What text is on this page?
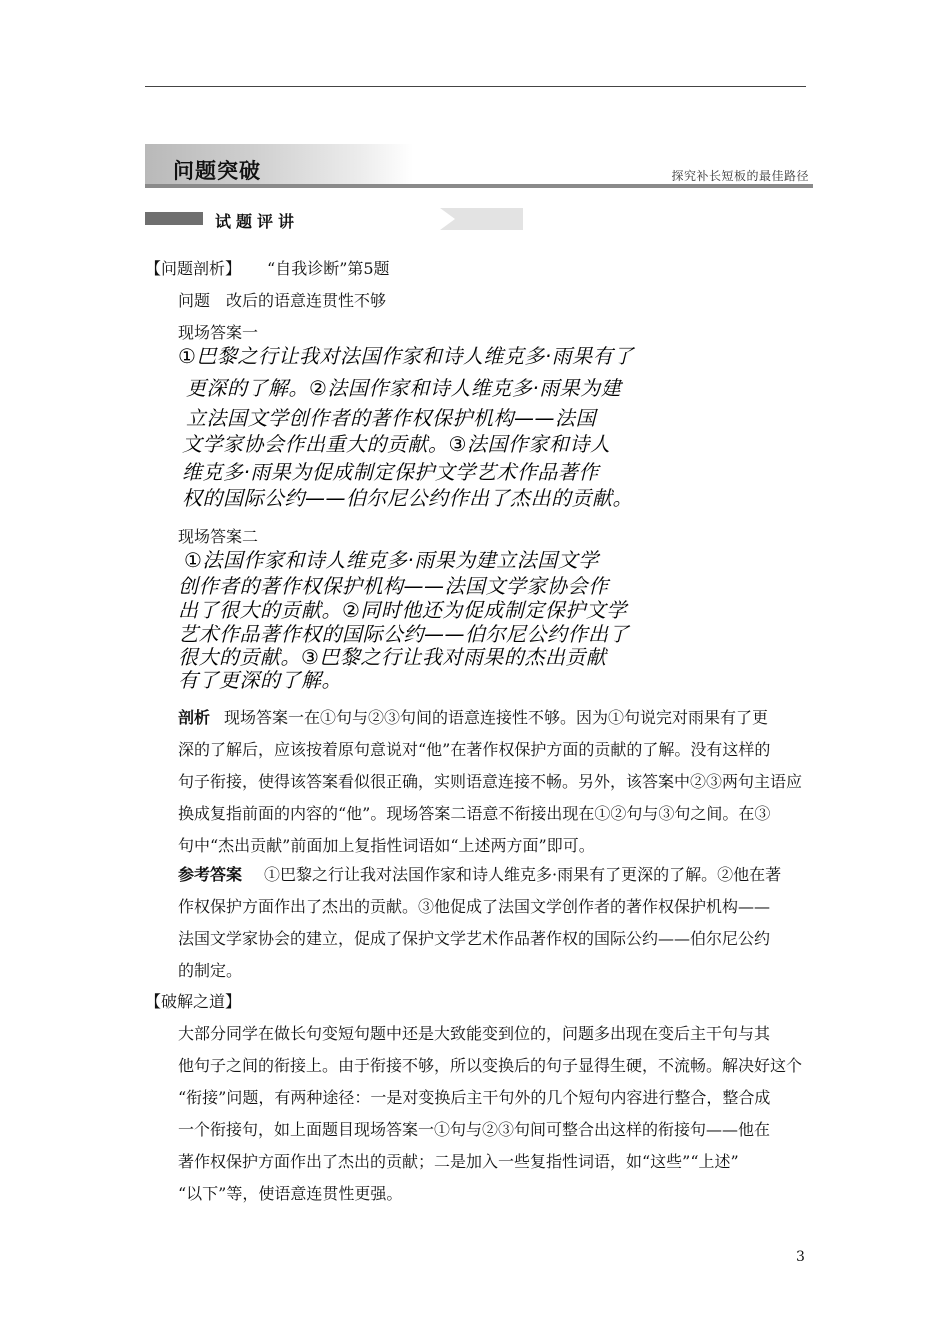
问题突破	探究补长短板的最佳路径
试题评讲
【问题剖析】 “自我诊断”第5题
问题 改后的语意连贯性不够
现场答案一
①巴黎之行让我对法国作家和诗人维克多·雨果有了
更深的了解。②法国作家和诗人维克多·雨果为建
立法国文学创作者的著作权保护机构——法国
文学家协会作出重大的贡献。③法国作家和诗人
维克多·雨果为促成制定保护文学艺术作品著作
权的国际公约——伯尔尼公约作出了杰出的贡献。
现场答案二
①法国作家和诗人维克多·雨果为建立法国文学
创作者的著作权保护机构——法国文学家协会作
出了很大的贡献。②同时他还为促成制定保护文学
艺术作品著作权的国际公约——伯尔尼公约作出了
很大的贡献。③巴黎之行让我对雨果的杰出贡献
有了更深的了解。
剖析 现场答案一在①句与②③句间的语意连接性不够。因为①句说完对雨果有了更
深的了解后，应该按着原句意说对“他”在著作权保护方面的贡献的了解。没有这样的
句子衔接，使得该答案看似很正确，实则语意连接不畅。另外，该答案中②③两句主语应
换成复指前面的内容的“他”。现场答案二语意不衔接出现在①②句与③句之间。在③
句中“杰出贡献”前面加上复指性词语如“上述两方面”即可。
参考答案 ①巴黎之行让我对法国作家和诗人维克多·雨果有了更深的了解。②他在著
作权保护方面作出了杰出的贡献。③他促成了法国文学创作者的著作权保护机构——
法国文学家协会的建立，促成了保护文学艺术作品著作权的国际公约——伯尔尼公约
的制定。
【破解之道】
大部分同学在做长句变短句题中还是大致能变到位的，问题多出现在变后主干句与其
他句子之间的衔接上。由于衔接不够，所以变换后的句子显得生硬，不流畅。解决好这个
“衔接”问题，有两种途径：一是对变换后主干句外的几个短句内容进行整合，整合成
一个衔接句，如上面题目现场答案一①句与②③句间可整合出这样的衔接句——他在
著作权保护方面作出了杰出的贡献；二是加入一些复指性词语，如“这些”“上述”
“以下”等，使语意连贯性更强。
3
